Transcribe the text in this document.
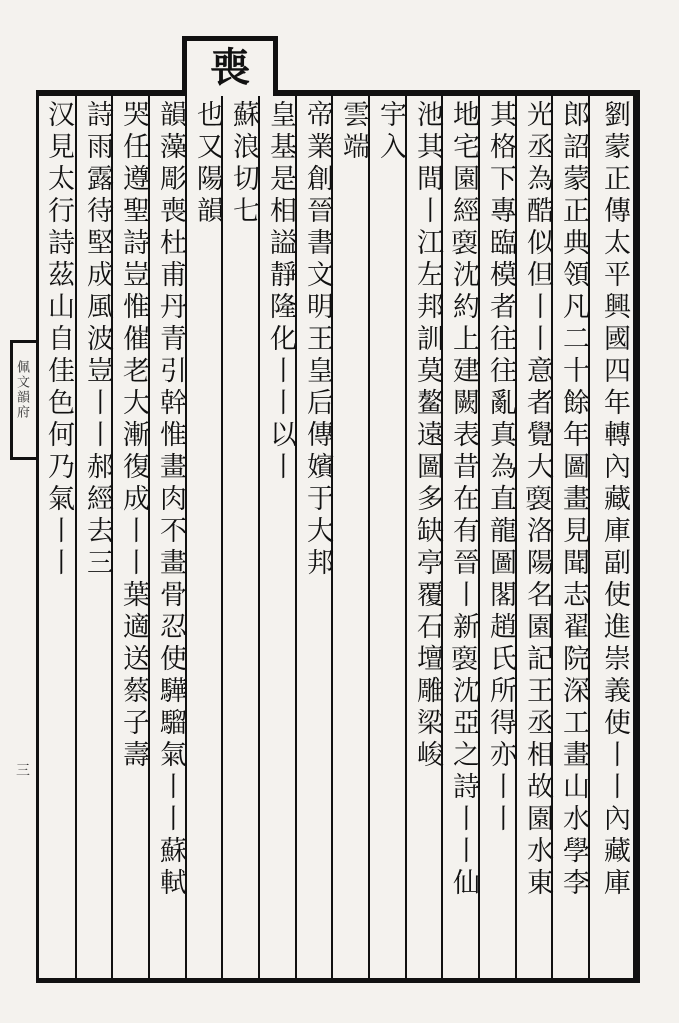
喪
佩文韻府
三	劉蒙正傳太平興國四年轉內藏庫副使進崇義使丨丨內藏庫
郎詔蒙正典領凡二十餘年圖畫見聞志翟院深工畫山水學李
光丞為酷似但丨丨意者覺大𧜟洛陽名園記王丞相故園水東
其格下專臨模者往往亂真為直龍圖閣趙氏所得亦丨丨
地宅園經𧜟沈約上建闕表昔在有晉丨新𧜟沈亞之詩丨丨仙
池其間丨江左邦訓莫鳌遠圖多缺亭覆石壇雕梁峻
宇入
雲端
帝業創晉書文明王皇后傳嬪于大邦
皇基是相謚靜隆化丨丨以丨
蘇浪切七
也又陽韻
韻藻彫喪杜甫丹青引幹惟畫肉不畫骨忍使驊騮氣丨丨蘇軾
哭任遵聖詩豈惟催老大漸復成丨丨葉適送蔡子壽
詩雨露待堅成風波豈丨丨郝經去三
汉見太行詩茲山自佳色何乃氣丨丨
